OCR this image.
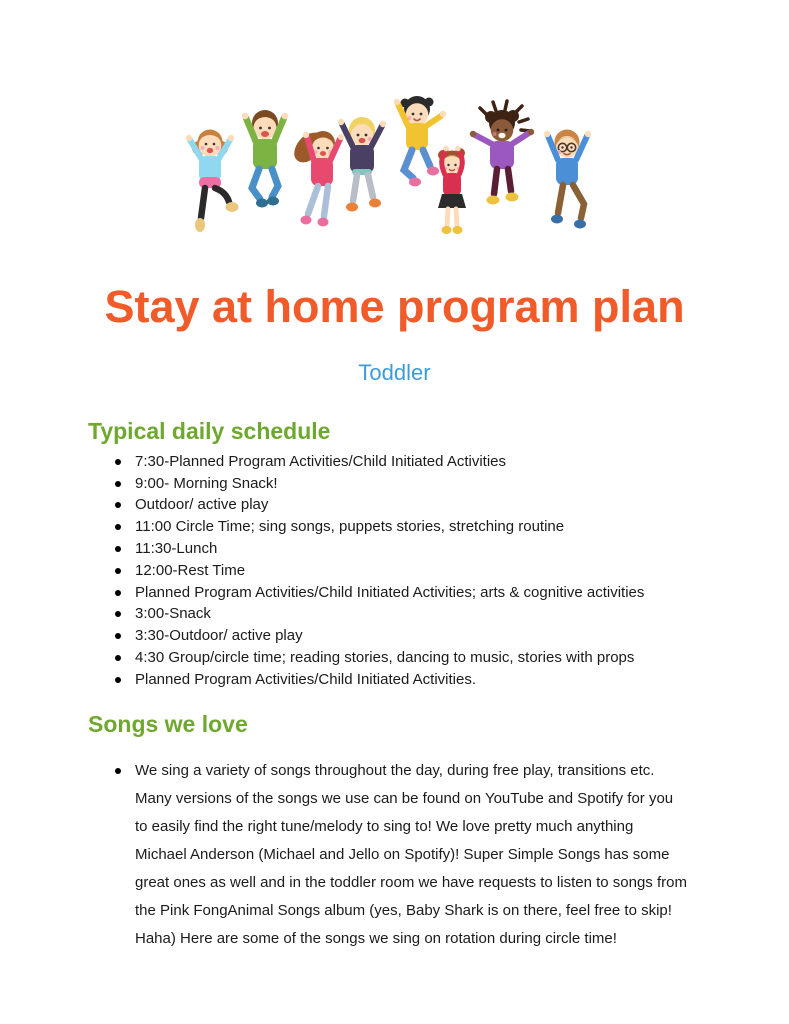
Stay at home program plan
Toddler
Typical daily schedule
7:30-Planned Program Activities/Child Initiated Activities
9:00- Morning Snack!
Outdoor/ active play
11:00 Circle Time; sing songs, puppets stories, stretching routine
11:30-Lunch
12:00-Rest Time
Planned Program Activities/Child Initiated Activities; arts & cognitive activities
3:00-Snack
3:30-Outdoor/ active play
4:30 Group/circle time; reading stories, dancing to music, stories with props
Planned Program Activities/Child Initiated Activities.
Songs we love
We sing a variety of songs throughout the day, during free play, transitions etc. Many versions of the songs we use can be found on YouTube and Spotify for you to easily find the right tune/melody to sing to! We love pretty much anything Michael Anderson (Michael and Jello on Spotify)! Super Simple Songs has some great ones as well and in the toddler room we have requests to listen to songs from the Pink FongAnimal Songs album (yes, Baby Shark is on there, feel free to skip! Haha) Here are some of the songs we sing on rotation during circle time!
